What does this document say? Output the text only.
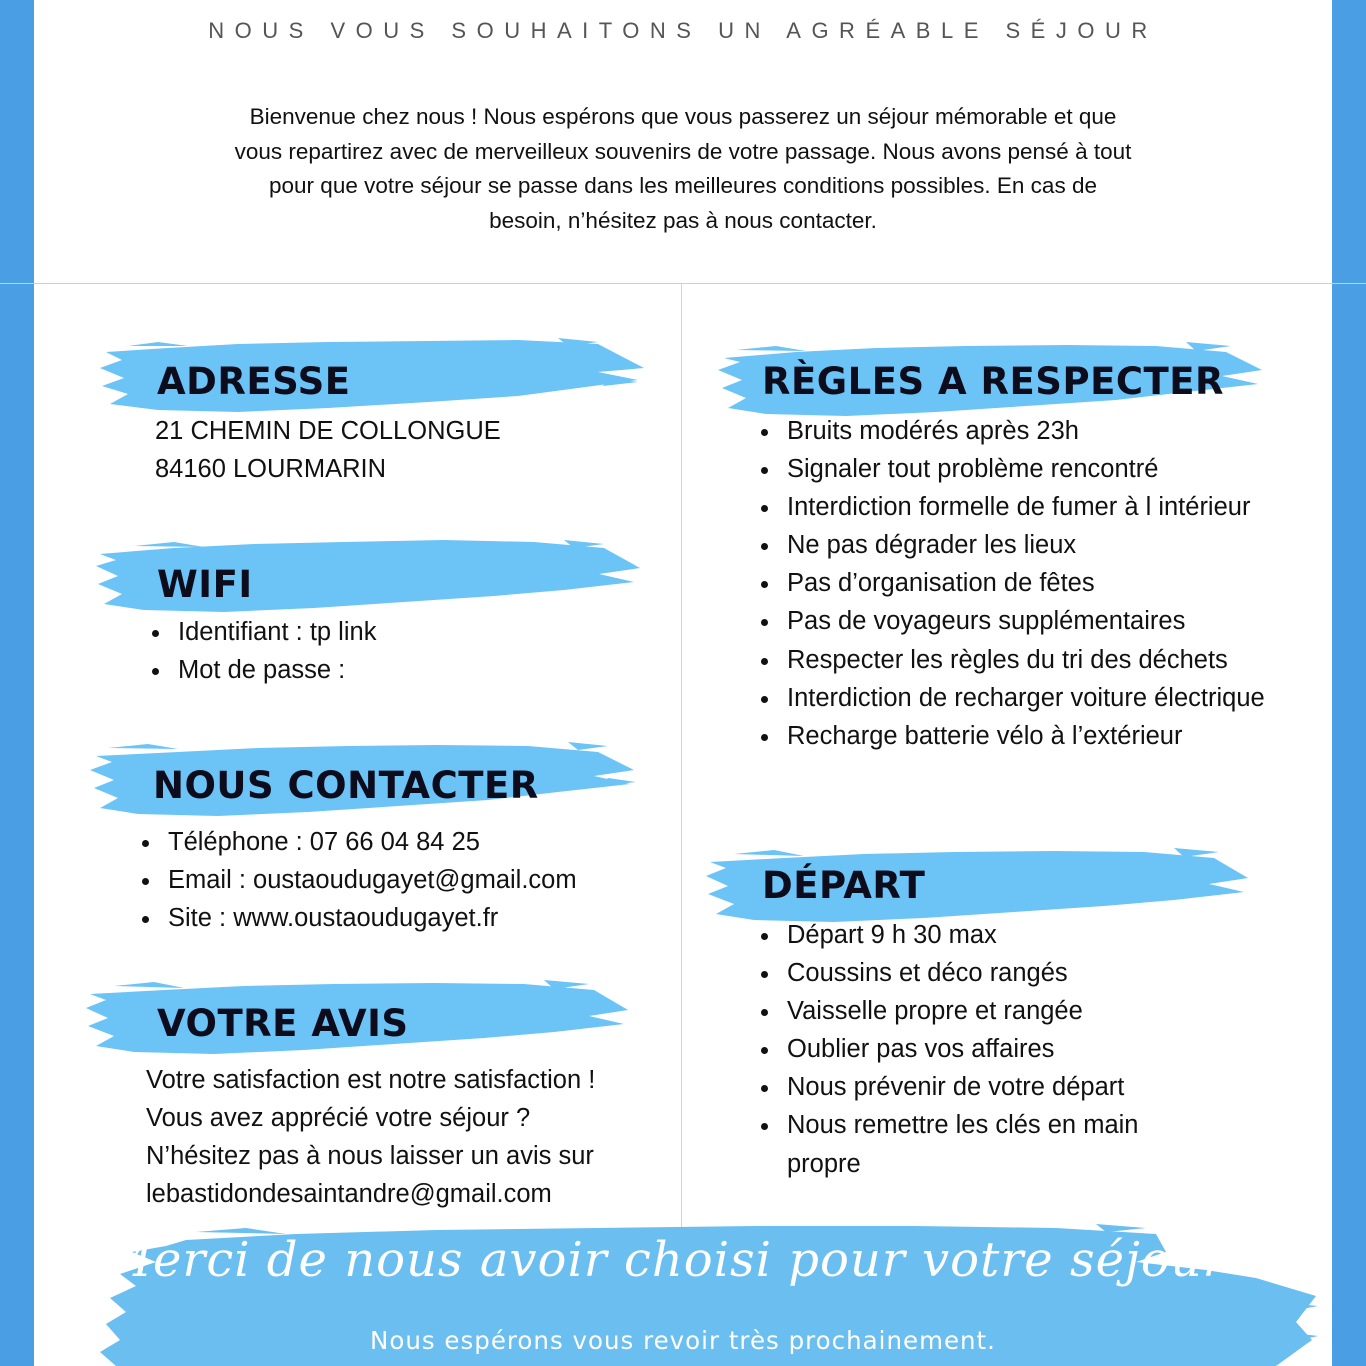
NOUS VOUS SOUHAITONS UN AGRÉABLE SÉJOUR
Bienvenue chez nous ! Nous espérons que vous passerez un séjour mémorable et que
vous repartirez avec de merveilleux souvenirs de votre passage. Nous avons pensé à tout
pour que votre séjour se passe dans les meilleures conditions possibles. En cas de
besoin, n’hésitez pas à nous contacter.
ADRESSE
21 CHEMIN DE COLLONGUE
84160 LOURMARIN
WIFI
Identifiant : tp link
Mot de passe :
NOUS CONTACTER
Téléphone : 07 66 04 84 25
Email : oustaoudugayet@gmail.com
Site : www.oustaoudugayet.fr
VOTRE AVIS
Votre satisfaction est notre satisfaction !
Vous avez apprécié votre séjour ?
N’hésitez pas à nous laisser un avis sur
lebastidondesaintandre@gmail.com
RÈGLES A RESPECTER
Bruits modérés après 23h
Signaler tout problème rencontré
Interdiction formelle de fumer à l intérieur
Ne pas dégrader les lieux
Pas d’organisation de fêtes
Pas de voyageurs supplémentaires
Respecter les règles du tri des déchets
Interdiction de recharger voiture électrique
Recharge batterie vélo à l’extérieur
DÉPART
Départ 9 h 30 max
Coussins et déco rangés
Vaisselle propre et rangée
Oublier pas vos affaires
Nous prévenir de votre départ
Nous remettre les clés en main
propre
Merci de nous avoir choisi pour votre séjour !
Nous espérons vous revoir très prochainement.
